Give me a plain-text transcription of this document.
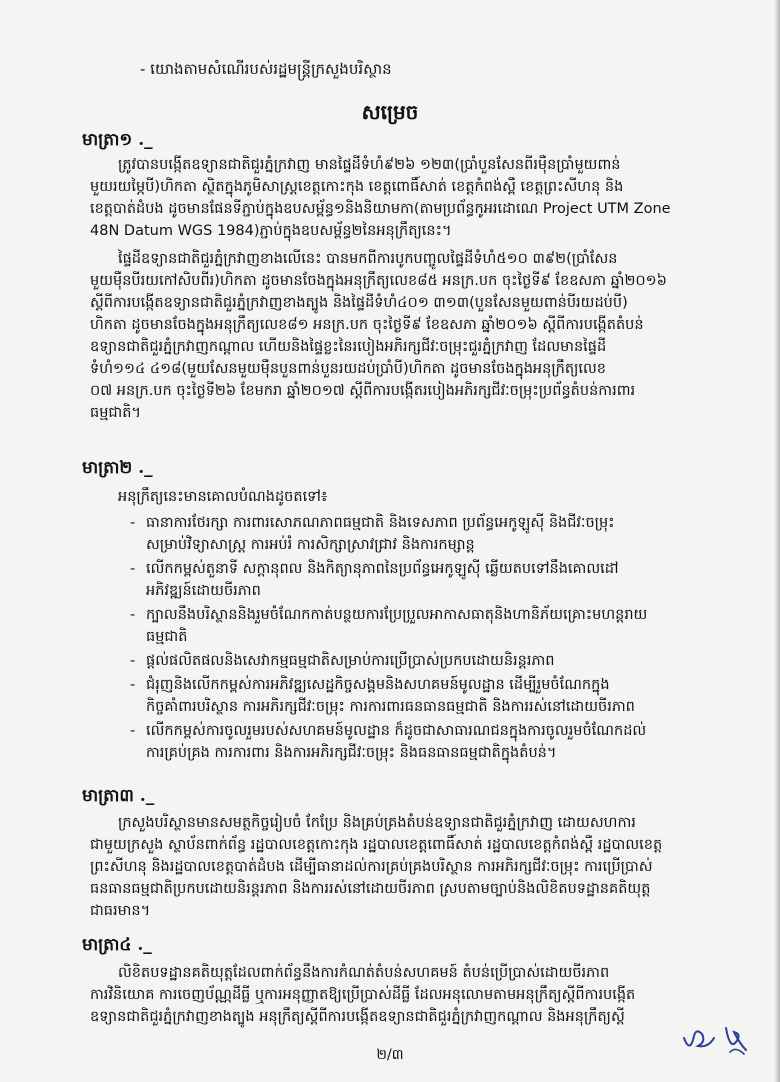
- យោងតាមសំណើរបស់រដ្ឋមន្ត្រីក្រសួងបរិស្ថាន
សម្រេច
មាត្រា១ ._
ត្រូវបានបង្កើតឧទ្យានជាតិជួរភ្នំក្រវាញ មានផ្ទៃដីទំហំ៩២៦ ១២៣(ប្រាំបួនសែនពីរម៉ឺនប្រាំមួយពាន់
មួយរយម្ភៃបី)ហិកតា ស្ថិតក្នុងភូមិសាស្ត្រខេត្តកោះកុង ខេត្តពោធិ៍សាត់ ខេត្តកំពង់ស្ពឺ ខេត្តព្រះសីហនុ និង
ខេត្តបាត់ដំបង ដូចមានផែនទីភ្ជាប់ក្នុងឧបសម្ព័ន្ធ១និងនិយាមកា(តាមប្រព័ន្ធកូអរដោណេ Project UTM Zone
48N Datum WGS 1984)ភ្ជាប់ក្នុងឧបសម្ព័ន្ធ២នៃអនុក្រឹត្យនេះ។
ផ្ទៃដីឧទ្យានជាតិជួរភ្នំក្រវាញខាងលើនេះ បានមកពីការបូកបញ្ចូលផ្ទៃដីទំហំ៥១០ ៣៩២(ប្រាំសែន
មួយម៉ឺនបីរយកៅសិបពីរ)ហិកតា ដូចមានចែងក្នុងអនុក្រឹត្យលេខ៨៥ អនក្រ.បក ចុះថ្ងៃទី៩ ខែឧសភា ឆ្នាំ២០១៦
ស្តីពីការបង្កើតឧទ្យានជាតិជួរភ្នំក្រវាញខាងត្បូង និងផ្ទៃដីទំហំ៤០១ ៣១៣(បួនសែនមួយពាន់បីរយដប់បី)
ហិកតា ដូចមានចែងក្នុងអនុក្រឹត្យលេខ៨១ អនក្រ.បក ចុះថ្ងៃទី៩ ខែឧសភា ឆ្នាំ២០១៦ ស្តីពីការបង្កើតតំបន់
ឧទ្យានជាតិជួរភ្នំក្រវាញកណ្តាល ហើយនិងផ្ទៃខ្លះនៃរបៀងអភិរក្សជីវៈចម្រុះជួរភ្នំក្រវាញ ដែលមានផ្ទៃដី
ទំហំ១១៤ ៤១៨(មួយសែនមួយម៉ឺនបួនពាន់បួនរយដប់ប្រាំបី)ហិកតា ដូចមានចែងក្នុងអនុក្រឹត្យលេខ
០៧ អនក្រ.បក ចុះថ្ងៃទី២៦ ខែមករា ឆ្នាំ២០១៧ ស្តីពីការបង្កើតរបៀងអភិរក្សជីវៈចម្រុះប្រព័ន្ធតំបន់ការពារ
ធម្មជាតិ។
មាត្រា២ ._
អនុក្រឹត្យនេះមានគោលបំណងដូចតទៅ៖
- ធានាការថែរក្សា ការពារសោភណភាពធម្មជាតិ និងទេសភាព ប្រព័ន្ធអេកូឡូស៊ី និងជីវៈចម្រុះ
សម្រាប់វិទ្យាសាស្ត្រ ការអប់រំ ការសិក្សាស្រាវជ្រាវ និងការកម្សាន្ត
- លើកកម្ពស់តួនាទី សក្តានុពល និងកិត្យានុភាពនៃប្រព័ន្ធអេកូឡូស៊ី ឆ្លើយតបទៅនឹងគោលដៅ
អភិវឌ្ឍន៍ដោយចីរភាព
- ក្បាលនឹងបរិស្ថាននិងរួមចំណែកកាត់បន្ថយការប្រែប្រួលអាកាសធាតុនិងហានិភ័យគ្រោះមហន្តរាយ
ធម្មជាតិ
- ផ្តល់ផលិតផលនិងសេវាកម្មធម្មជាតិសម្រាប់ការប្រើប្រាស់ប្រកបដោយនិរន្តរភាព
- ជំរុញនិងលើកកម្ពស់ការអភិវឌ្ឍសេដ្ឋកិច្ចសង្គមនិងសហគមន៍មូលដ្ឋាន ដើម្បីរួមចំណែកក្នុង
កិច្ចគាំពារបរិស្ថាន ការអភិរក្សជីវៈចម្រុះ ការការពារធនធានធម្មជាតិ និងការរស់នៅដោយចីរភាព
- លើកកម្ពស់ការចូលរួមរបស់សហគមន៍មូលដ្ឋាន ក៏ដូចជាសាធារណជនក្នុងការចូលរួមចំណែកដល់
ការគ្រប់គ្រង ការការពារ និងការអភិរក្សជីវៈចម្រុះ និងធនធានធម្មជាតិក្នុងតំបន់។
មាត្រា៣ ._
ក្រសួងបរិស្ថានមានសមត្ថកិច្ចរៀបចំ កែប្រែ និងគ្រប់គ្រងតំបន់ឧទ្យានជាតិជួរភ្នំក្រវាញ ដោយសហការ
ជាមួយក្រសួង ស្ថាប័នពាក់ព័ន្ធ រដ្ឋបាលខេត្តកោះកុង រដ្ឋបាលខេត្តពោធិ៍សាត់ រដ្ឋបាលខេត្តកំពង់ស្ពឺ រដ្ឋបាលខេត្ត
ព្រះសីហនុ និងរដ្ឋបាលខេត្តបាត់ដំបង ដើម្បីធានាដល់ការគ្រប់គ្រងបរិស្ថាន ការអភិរក្សជីវៈចម្រុះ ការប្រើប្រាស់
ធនធានធម្មជាតិប្រកបដោយនិរន្តរភាព និងការរស់នៅដោយចីរភាព ស្របតាមច្បាប់និងលិខិតបទដ្ឋានគតិយុត្ត
ជាធរមាន។
មាត្រា៤ ._
លិខិតបទដ្ឋានគតិយុត្តដែលពាក់ព័ន្ធនឹងការកំណត់តំបន់សហគមន៍ តំបន់ប្រើប្រាស់ដោយចីរភាព
ការវិនិយោគ ការចេញប័ណ្ណដីធ្លី ឬការអនុញ្ញាតឱ្យប្រើប្រាស់ដីធ្លី ដែលអនុលោមតាមអនុក្រឹត្យស្តីពីការបង្កើត
ឧទ្យានជាតិជួរភ្នំក្រវាញខាងត្បូង អនុក្រឹត្យស្តីពីការបង្កើតឧទ្យានជាតិជួរភ្នំក្រវាញកណ្តាល និងអនុក្រឹត្យស្តី
២/៣
